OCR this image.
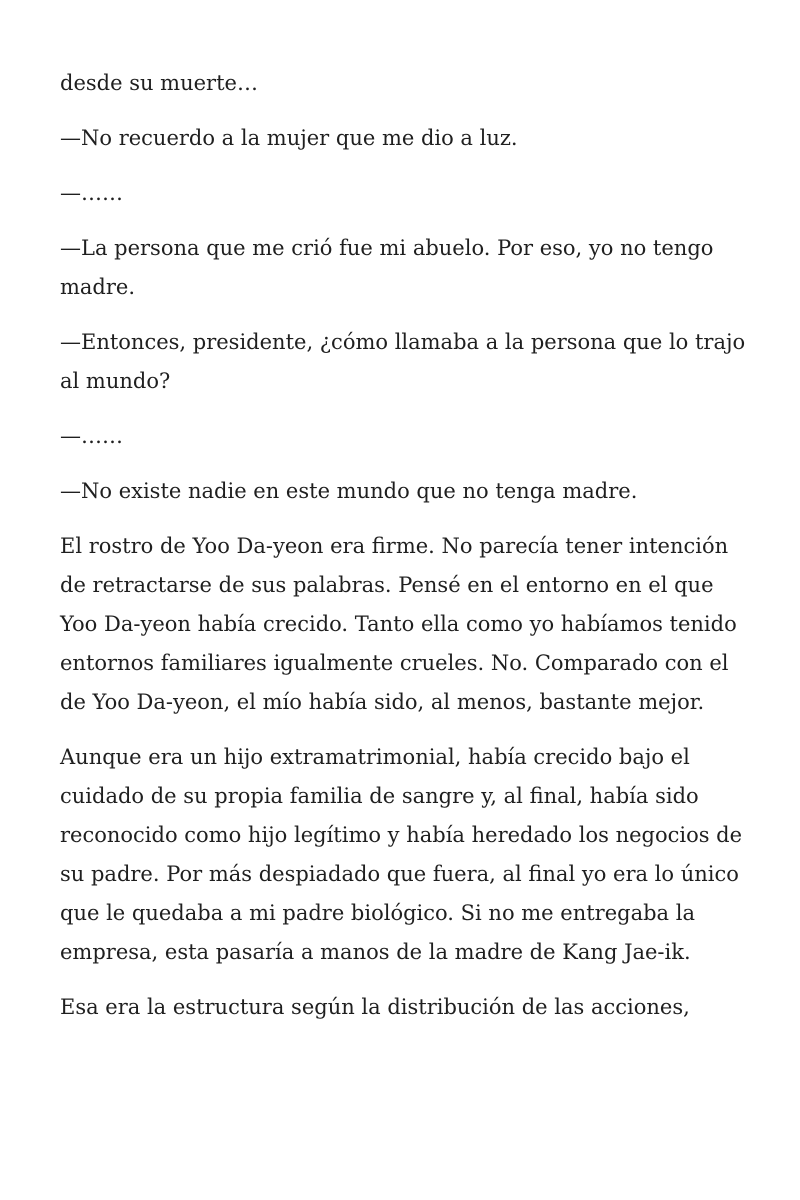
desde su muerte…

—No recuerdo a la mujer que me dio a luz.

—……

—La persona que me crió fue mi abuelo. Por eso, yo no tengo madre.

—Entonces, presidente, ¿cómo llamaba a la persona que lo trajo al mundo?

—……

—No existe nadie en este mundo que no tenga madre.

El rostro de Yoo Da-yeon era firme. No parecía tener intención de retractarse de sus palabras. Pensé en el entorno en el que Yoo Da-yeon había crecido. Tanto ella como yo habíamos tenido entornos familiares igualmente crueles. No. Comparado con el de Yoo Da-yeon, el mío había sido, al menos, bastante mejor.

Aunque era un hijo extramatrimonial, había crecido bajo el cuidado de su propia familia de sangre y, al final, había sido reconocido como hijo legítimo y había heredado los negocios de su padre. Por más despiadado que fuera, al final yo era lo único que le quedaba a mi padre biológico. Si no me entregaba la empresa, esta pasaría a manos de la madre de Kang Jae-ik.

Esa era la estructura según la distribución de las acciones,
